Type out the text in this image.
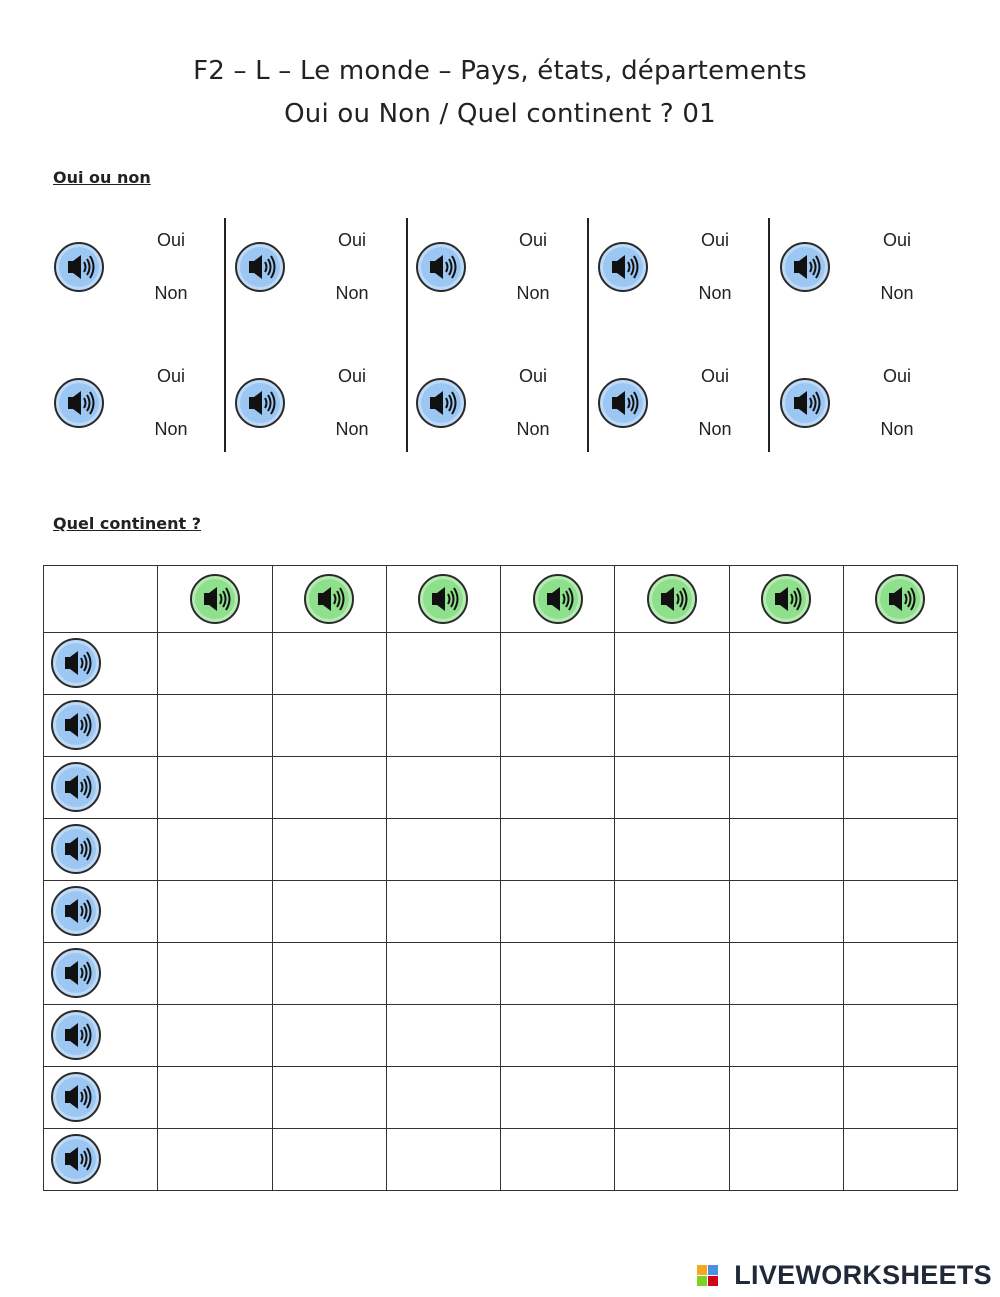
F2 – L – Le monde – Pays, états, départements
Oui ou Non / Quel continent ? 01
Oui ou non
Oui
Non
Oui
Non
Oui
Non
Oui
Non
Oui
Non
Oui
Non
Oui
Non
Oui
Non
Oui
Non
Oui
Non
Quel continent ?

LIVEWORKSHEETS
